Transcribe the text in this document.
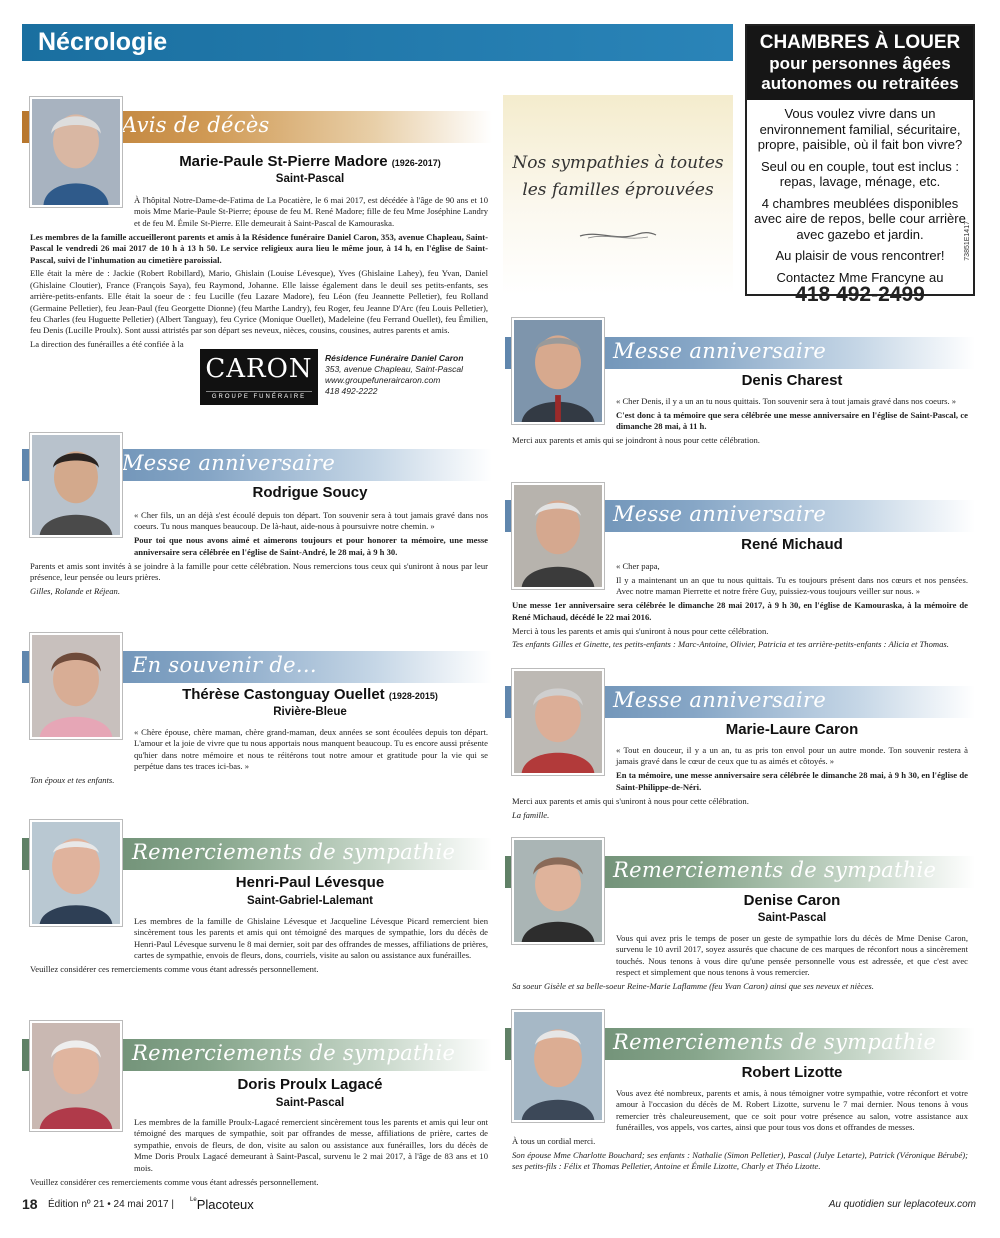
Nécrologie	CHAMBRES À LOUER
pour personnes âgées
autonomes ou retraitées

Vous voulez vivre dans un environnement familial, sécuritaire, propre, paisible, où il fait bon vivre?

Seul ou en couple, tout est inclus : repas, lavage, ménage, etc.

4 chambres meublées disponibles avec aire de repos, belle cour arrière avec gazebo et jardin.

Au plaisir de vous rencontrer!

Contactez Mme Francyne au

418 492-2499
73851E1417
Nos sympathies à toutes
les familles éprouvées
Avis de décès
Marie-Paule St-Pierre Madore (1926-2017)
Saint-Pascal

À l'hôpital Notre-Dame-de-Fatima de La Pocatière, le 6 mai 2017, est décédée à l'âge de 90 ans et 10 mois Mme Marie-Paule St-Pierre; épouse de feu M. René Madore; fille de feu Mme Joséphine Landry et de feu M. Émile St-Pierre. Elle demeurait à Saint-Pascal de Kamouraska.

Les membres de la famille accueilleront parents et amis à la Résidence funéraire Daniel Caron, 353, avenue Chapleau, Saint-Pascal le vendredi 26 mai 2017 de 10 h à 13 h 50. Le service religieux aura lieu le même jour, à 14 h, en l'église de Saint-Pascal, suivi de l'inhumation au cimetière paroissial.

Elle était la mère de : Jackie (Robert Robillard), Mario, Ghislain (Louise Lévesque), Yves (Ghislaine Lahey), feu Yvan, Daniel (Ghislaine Cloutier), France (François Saya), feu Raymond, Johanne. Elle laisse également dans le deuil ses petits-enfants, ses arrière-petits-enfants. Elle était la soeur de : feu Lucille (feu Lazare Madore), feu Léon (feu Jeannette Pelletier), feu Rolland (Germaine Pelletier), feu Jean-Paul (feu Georgette Dionne) (feu Marthe Landry), feu Roger, feu Jeanne D'Arc (feu Louis Pelletier), feu Charles (feu Huguette Pelletier) (Albert Tanguay), feu Cyrice (Monique Ouellet), Madeleine (feu Ferrand Ouellet), feu Émilien, feu Denis (Lucille Proulx). Sont aussi attristés par son départ ses neveux, nièces, cousins, cousines, autres parents et amis.

La direction des funérailles a été confiée à la

CARON
GROUPE FUNÉRAIRE
Résidence Funéraire Daniel Caron
353, avenue Chapleau, Saint-Pascal
www.groupefuneraircaron.com
418 492-2222
Messe anniversaire
Rodrigue Soucy

« Cher fils, un an déjà s'est écoulé depuis ton départ. Ton souvenir sera à tout jamais gravé dans nos coeurs. Tu nous manques beaucoup. De là-haut, aide-nous à poursuivre notre chemin. »

Pour toi que nous avons aimé et aimerons toujours et pour honorer ta mémoire, une messe anniversaire sera célébrée en l'église de Saint-André, le 28 mai, à 9 h 30.

Parents et amis sont invités à se joindre à la famille pour cette célébration. Nous remercions tous ceux qui s'uniront à nous par leur présence, leur pensée ou leurs prières.

Gilles, Rolande et Réjean.

En souvenir de…
Thérèse Castonguay Ouellet (1928-2015)
Rivière-Bleue

« Chère épouse, chère maman, chère grand-maman, deux années se sont écoulées depuis ton départ. L'amour et la joie de vivre que tu nous apportais nous manquent beaucoup. Tu es encore aussi présente qu'hier dans notre mémoire et nous te réitérons tout notre amour et gratitude pour la vie qui se perpétue dans tes traces ici-bas. »

Ton époux et tes enfants.

Remerciements de sympathie
Henri-Paul Lévesque
Saint-Gabriel-Lalemant

Les membres de la famille de Ghislaine Lévesque et Jacqueline Lévesque Picard remercient bien sincèrement tous les parents et amis qui ont témoigné des marques de sympathie, lors du décès de Henri-Paul Lévesque survenu le 8 mai dernier, soit par des offrandes de messes, affiliations de prières, cartes de sympathie, envois de fleurs, dons, courriels, visite au salon ou assistance aux funérailles.

Veuillez considérer ces remerciements comme vous étant adressés personnellement.

Remerciements de sympathie
Doris Proulx Lagacé
Saint-Pascal

Les membres de la famille Proulx-Lagacé remercient sincèrement tous les parents et amis qui leur ont témoigné des marques de sympathie, soit par offrandes de messe, affiliations de prière, cartes de sympathie, envois de fleurs, de don, visite au salon ou assistance aux funérailles, lors du décès de Mme Doris Proulx Lagacé demeurant à Saint-Pascal, survenu le 2 mai 2017, à l'âge de 83 ans et 10 mois.

Veuillez considérer ces remerciements comme vous étant adressés personnellement.

Messe anniversaire
Denis Charest

« Cher Denis, il y a un an tu nous quittais. Ton souvenir sera à tout jamais gravé dans nos coeurs. »

C'est donc à ta mémoire que sera célébrée une messe anniversaire en l'église de Saint-Pascal, ce dimanche 28 mai, à 11 h.

Merci aux parents et amis qui se joindront à nous pour cette célébration.

Messe anniversaire
René Michaud

« Cher papa,

Il y a maintenant un an que tu nous quittais. Tu es toujours présent dans nos cœurs et nos pensées. Avec notre maman Pierrette et notre frère Guy, puissiez-vous toujours veiller sur nous. »

Une messe 1er anniversaire sera célébrée le dimanche 28 mai 2017, à 9 h 30, en l'église de Kamouraska, à la mémoire de René Michaud, décédé le 22 mai 2016.

Merci à tous les parents et amis qui s'uniront à nous pour cette célébration.

Tes enfants Gilles et Ginette, tes petits-enfants : Marc-Antoine, Olivier, Patricia et tes arrière-petits-enfants : Alicia et Thomas.

Messe anniversaire
Marie-Laure Caron

« Tout en douceur, il y a un an, tu as pris ton envol pour un autre monde. Ton souvenir restera à jamais gravé dans le cœur de ceux que tu as aimés et côtoyés. »

En ta mémoire, une messe anniversaire sera célébrée le dimanche 28 mai, à 9 h 30, en l'église de Saint-Philippe-de-Néri.

Merci aux parents et amis qui s'uniront à nous pour cette célébration.

La famille.

Remerciements de sympathie
Denise Caron
Saint-Pascal

Vous qui avez pris le temps de poser un geste de sympathie lors du décès de Mme Denise Caron, survenu le 10 avril 2017, soyez assurés que chacune de ces marques de réconfort nous a sincèrement touchés. Nous tenons à vous dire qu'une pensée personnelle vous est adressée, et que c'est avec respect et simplement que nous tenons à vous remercier.

Sa soeur Gisèle et sa belle-soeur Reine-Marie Laflamme (feu Yvan Caron) ainsi que ses neveux et nièces.

Remerciements de sympathie
Robert Lizotte

Vous avez été nombreux, parents et amis, à nous témoigner votre sympathie, votre réconfort et votre amour à l'occasion du décès de M. Robert Lizotte, survenu le 7 mai dernier. Nous tenons à vous remercier très chaleureusement, que ce soit pour votre présence au salon, votre assistance aux funérailles, vos appels, vos cartes, ainsi que pour tous vos dons et offrandes de messes.

À tous un cordial merci.

Son épouse Mme Charlotte Bouchard; ses enfants : Nathalie (Simon Pelletier), Pascal (Julye Letarte), Patrick (Véronique Bérubé); ses petits-fils : Félix et Thomas Pelletier, Antoine et Émile Lizotte, Charly et Théo Lizotte.

18 Édition nº 21 • 24 mai 2017 |	$^{Le}$Placoteux	Au quotidien sur leplacoteux.com
